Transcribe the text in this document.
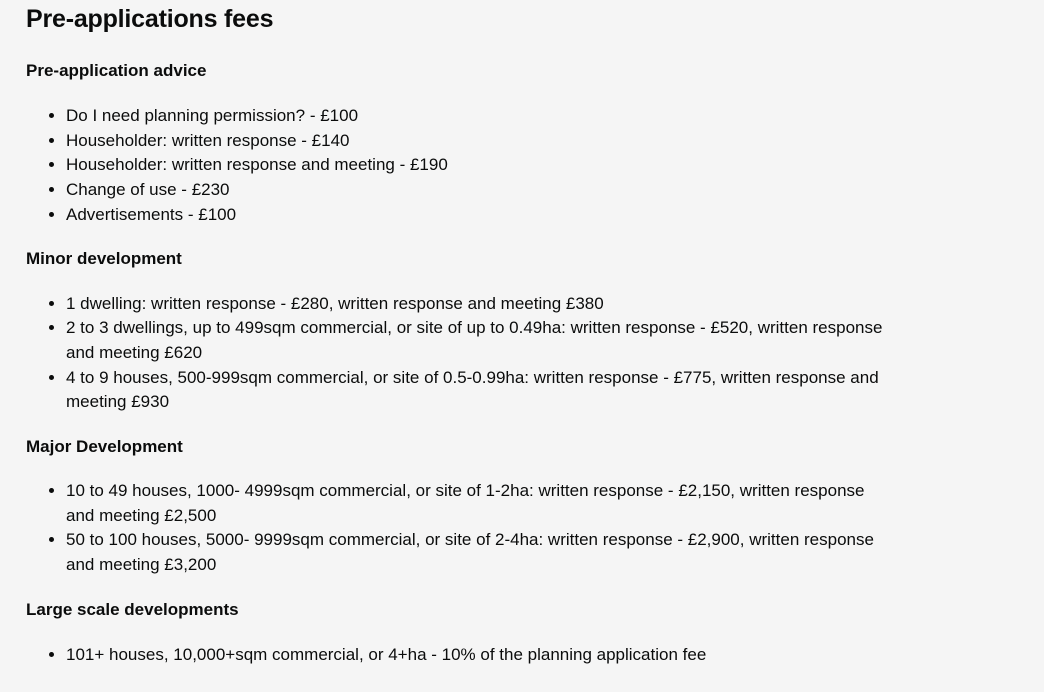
Pre-applications fees
Pre-application advice
• Do I need planning permission? - £100
• Householder: written response - £140
• Householder: written response and meeting - £190
• Change of use - £230
• Advertisements - £100
Minor development
• 1 dwelling: written response - £280, written response and meeting £380
• 2 to 3 dwellings, up to 499sqm commercial, or site of up to 0.49ha: written response - £520, written response and meeting £620
• 4 to 9 houses, 500-999sqm commercial, or site of 0.5-0.99ha: written response - £775, written response and meeting £930
Major Development
• 10 to 49 houses, 1000- 4999sqm commercial, or site of 1-2ha: written response - £2,150, written response and meeting £2,500
• 50 to 100 houses, 5000- 9999sqm commercial, or site of 2-4ha: written response - £2,900, written response and meeting £3,200
Large scale developments
• 101+ houses, 10,000+sqm commercial, or 4+ha - 10% of the planning application fee
